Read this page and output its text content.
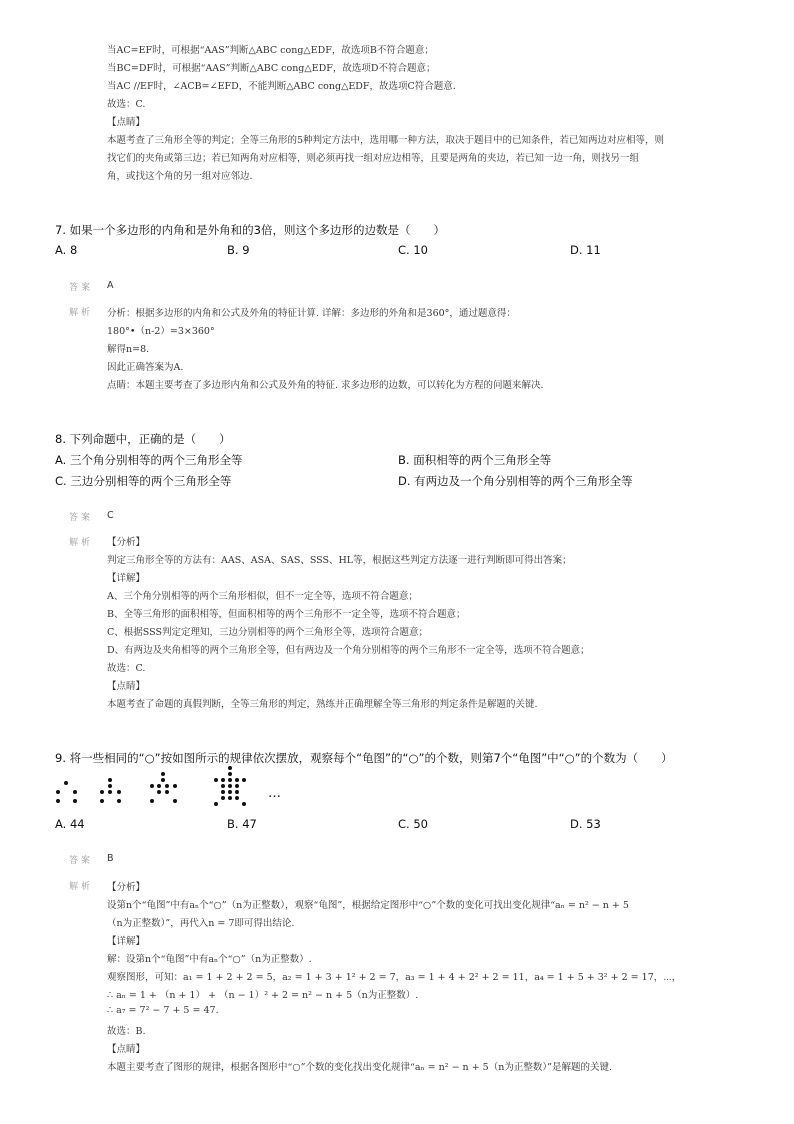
当AC=EF时，可根据“AAS”判断△ABC cong△EDF，故选项B不符合题意；
当BC=DF时，可根据“AAS”判断△ABC cong△EDF，故选项D不符合题意；
当AC //EF时，∠ACB=∠EFD，不能判断△ABC cong△EDF，故选项C符合题意.
故选：C.
【点睛】
本题考查了三角形全等的判定；全等三角形的5种判定方法中，选用哪一种方法，取决于题目中的已知条件，若已知两边对应相等，则
找它们的夹角或第三边；若已知两角对应相等，则必须再找一组对应边相等，且要是两角的夹边，若已知一边一角，则找另一组
角，或找这个角的另一组对应邻边.
7. 如果一个多边形的内角和是外角和的3倍，则这个多边形的边数是（　　）
A. 8	B. 9	C. 10	D. 11
答案 A
解析 分析：根据多边形的内角和公式及外角的特征计算. 详解：多边形的外角和是360°，通过题意得：
180°•（n-2）=3×360°
解得n=8.
因此正确答案为A.
点睛：本题主要考查了多边形内角和公式及外角的特征. 求多边形的边数，可以转化为方程的问题来解决.
8. 下列命题中，正确的是（　　）
A. 三个角分别相等的两个三角形全等	B. 面积相等的两个三角形全等
C. 三边分别相等的两个三角形全等	D. 有两边及一个角分别相等的两个三角形全等
答案 C
解析 【分析】
判定三角形全等的方法有：AAS、ASA、SAS、SSS、HL等，根据这些判定方法逐一进行判断即可得出答案；
【详解】
A、三个角分别相等的两个三角形相似，但不一定全等，选项不符合题意；
B、全等三角形的面积相等，但面积相等的两个三角形不一定全等，选项不符合题意；
C、根据SSS判定定理知，三边分别相等的两个三角形全等，选项符合题意；
D、有两边及夹角相等的两个三角形全等，但有两边及一个角分别相等的两个三角形不一定全等，选项不符合题意；
故选：C.
【点睛】
本题考查了命题的真假判断，全等三角形的判定，熟练并正确理解全等三角形的判定条件是解题的关键.
9. 将一些相同的“○”按如图所示的规律依次摆放，观察每个“龟图”的“○”的个数，则第7个“龟图”中“○”的个数为（　　）
…
A. 44	B. 47	C. 50	D. 53
答案 B
解析 【分析】
设第n个“龟图”中有aₙ个“○”（n为正整数），观察“龟图”，根据给定图形中“○”个数的变化可找出变化规律“aₙ = n² − n + 5
（n为正整数）”，再代入n = 7即可得出结论.
【详解】
解：设第n个“龟图”中有aₙ个“○”（n为正整数）.
观察图形，可知：a₁ = 1 + 2 + 2 = 5，a₂ = 1 + 3 + 1² + 2 = 7，a₃ = 1 + 4 + 2² + 2 = 11，a₄ = 1 + 5 + 3² + 2 = 17，⋯，
∴ aₙ = 1 + （n + 1） + （n − 1）² + 2 = n² − n + 5（n为正整数）.
∴ a₇ = 7² − 7 + 5 = 47.
故选：B.
【点睛】
本题主要考查了图形的规律，根据各图形中“○”个数的变化找出变化规律“aₙ = n² − n + 5（n为正整数）”是解题的关键.
